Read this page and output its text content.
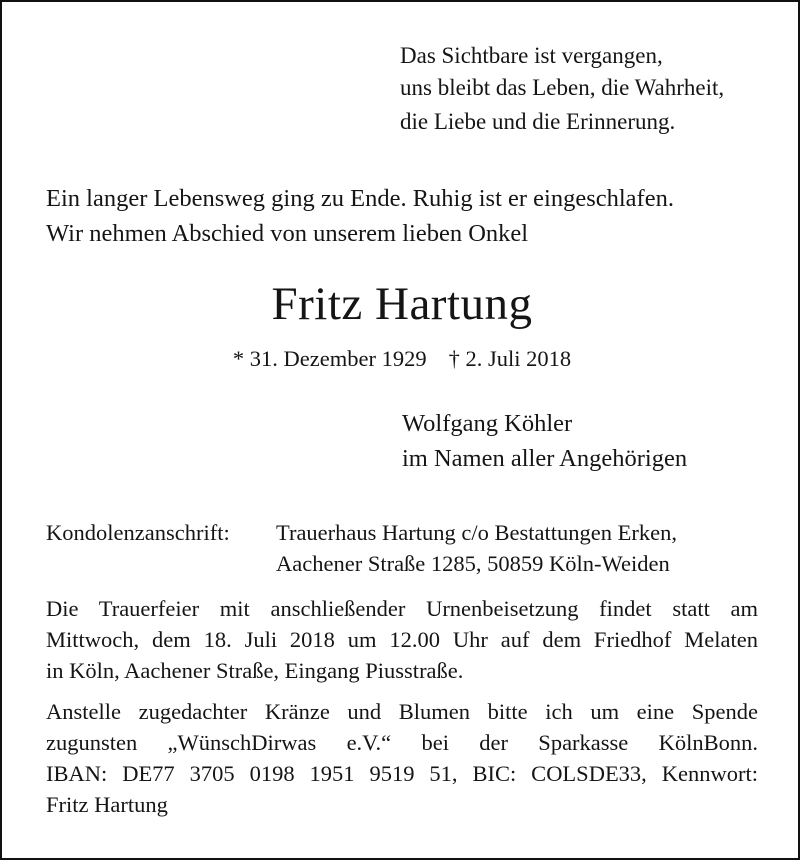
Das Sichtbare ist vergangen,
uns bleibt das Leben, die Wahrheit,
die Liebe und die Erinnerung.
Ein langer Lebensweg ging zu Ende. Ruhig ist er eingeschlafen.
Wir nehmen Abschied von unserem lieben Onkel
Fritz Hartung
* 31. Dezember 1929 † 2. Juli 2018
Wolfgang Köhler
im Namen aller Angehörigen
Kondolenzanschrift: Trauerhaus Hartung c/o Bestattungen Erken,
Aachener Straße 1285, 50859 Köln-Weiden
Die Trauerfeier mit anschließender Urnenbeisetzung findet statt am
Mittwoch, dem 18. Juli 2018 um 12.00 Uhr auf dem Friedhof Melaten
in Köln, Aachener Straße, Eingang Piusstraße.
Anstelle zugedachter Kränze und Blumen bitte ich um eine Spende
zugunsten „WünschDirwas e.V.“ bei der Sparkasse KölnBonn.
IBAN: DE77 3705 0198 1951 9519 51, BIC: COLSDE33, Kennwort:
Fritz Hartung
